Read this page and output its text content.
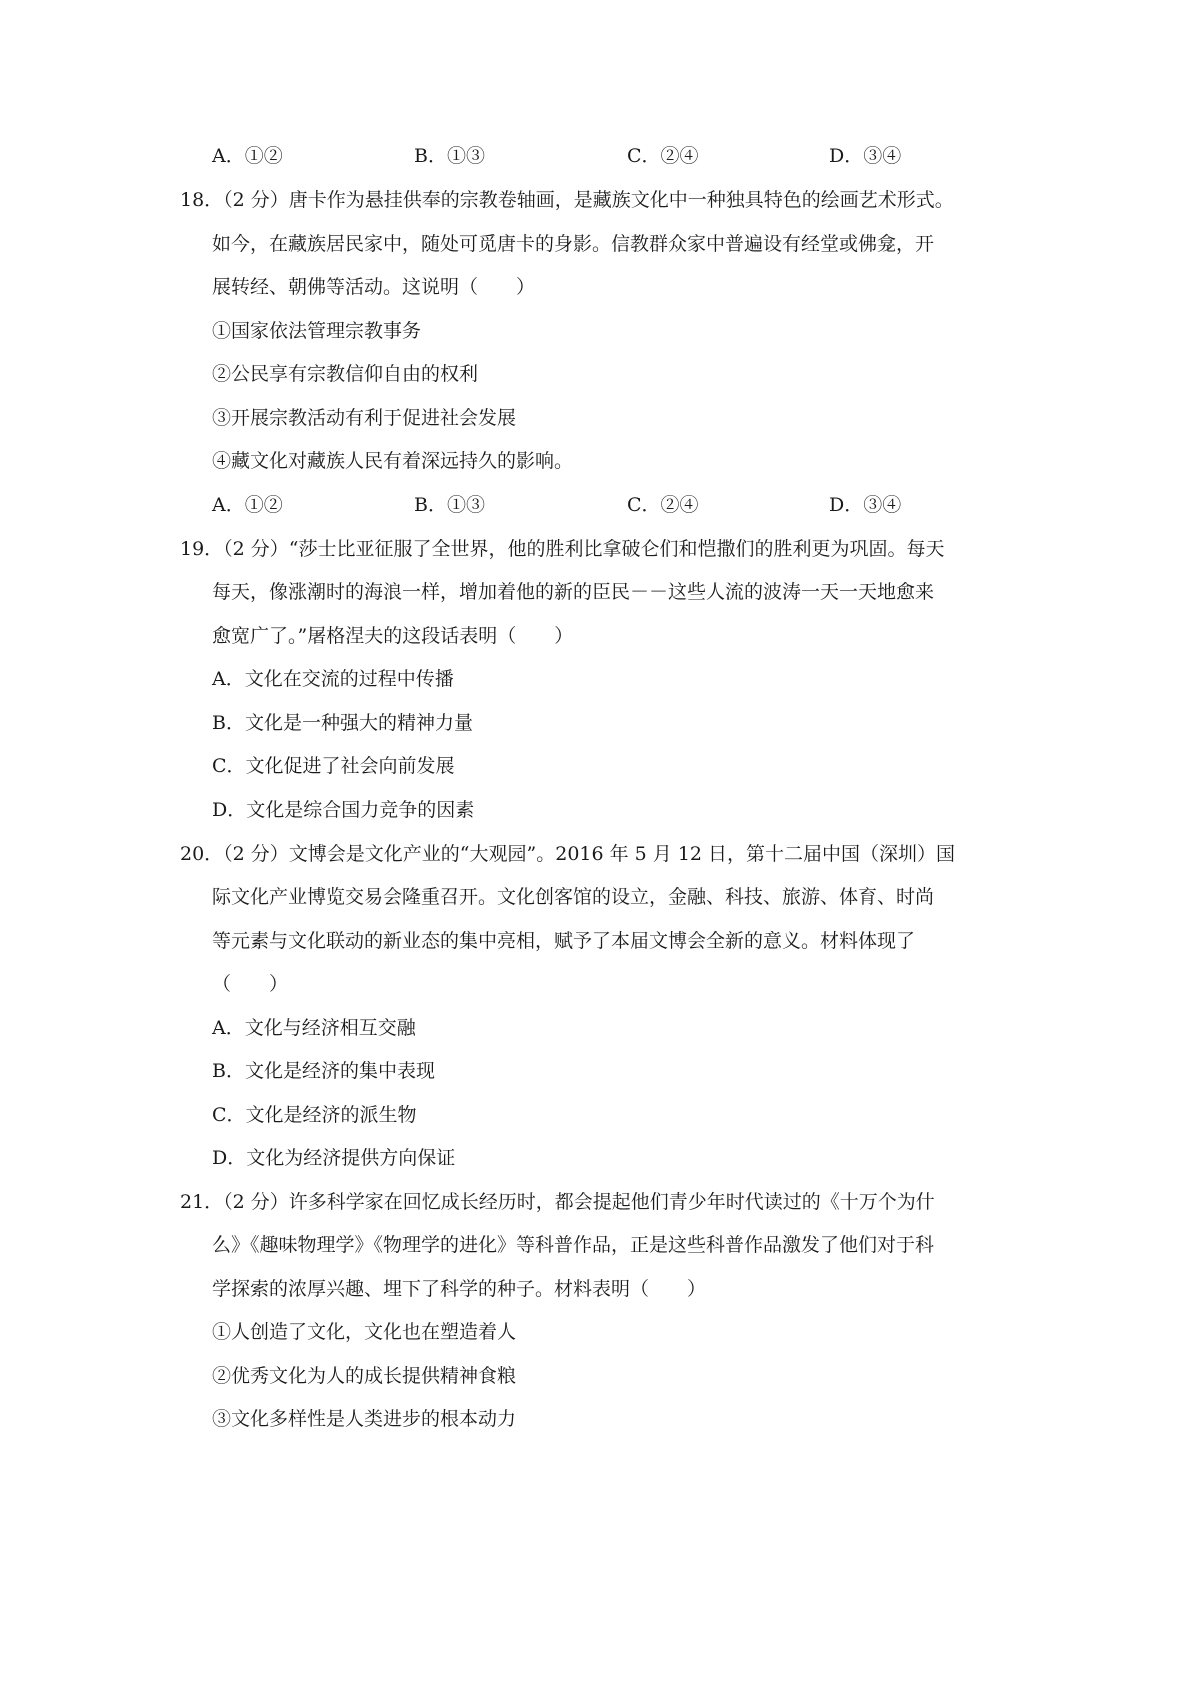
A．①②	B．①③	C．②④	D．③④
18．（2 分）唐卡作为悬挂供奉的宗教卷轴画，是藏族文化中一种独具特色的绘画艺术形式。
如今，在藏族居民家中，随处可觅唐卡的身影。信教群众家中普遍设有经堂或佛龛，开
展转经、朝佛等活动。这说明（　　）
①国家依法管理宗教事务
②公民享有宗教信仰自由的权利
③开展宗教活动有利于促进社会发展
④藏文化对藏族人民有着深远持久的影响。
A．①②	B．①③	C．②④	D．③④
19．（2 分）“莎士比亚征服了全世界，他的胜利比拿破仑们和恺撒们的胜利更为巩固。每天
每天，像涨潮时的海浪一样，增加着他的新的臣民－－这些人流的波涛一天一天地愈来
愈宽广了。”屠格涅夫的这段话表明（　　）
A．文化在交流的过程中传播
B．文化是一种强大的精神力量
C．文化促进了社会向前发展
D．文化是综合国力竞争的因素
20．（2 分）文博会是文化产业的“大观园”。2016 年 5 月 12 日，第十二届中国（深圳）国
际文化产业博览交易会隆重召开。文化创客馆的设立，金融、科技、旅游、体育、时尚
等元素与文化联动的新业态的集中亮相，赋予了本届文博会全新的意义。材料体现了
（　　）
A．文化与经济相互交融
B．文化是经济的集中表现
C．文化是经济的派生物
D．文化为经济提供方向保证
21．（2 分）许多科学家在回忆成长经历时，都会提起他们青少年时代读过的《十万个为什
么》《趣味物理学》《物理学的进化》等科普作品，正是这些科普作品激发了他们对于科
学探索的浓厚兴趣、埋下了科学的种子。材料表明（　　）
①人创造了文化，文化也在塑造着人
②优秀文化为人的成长提供精神食粮
③文化多样性是人类进步的根本动力
